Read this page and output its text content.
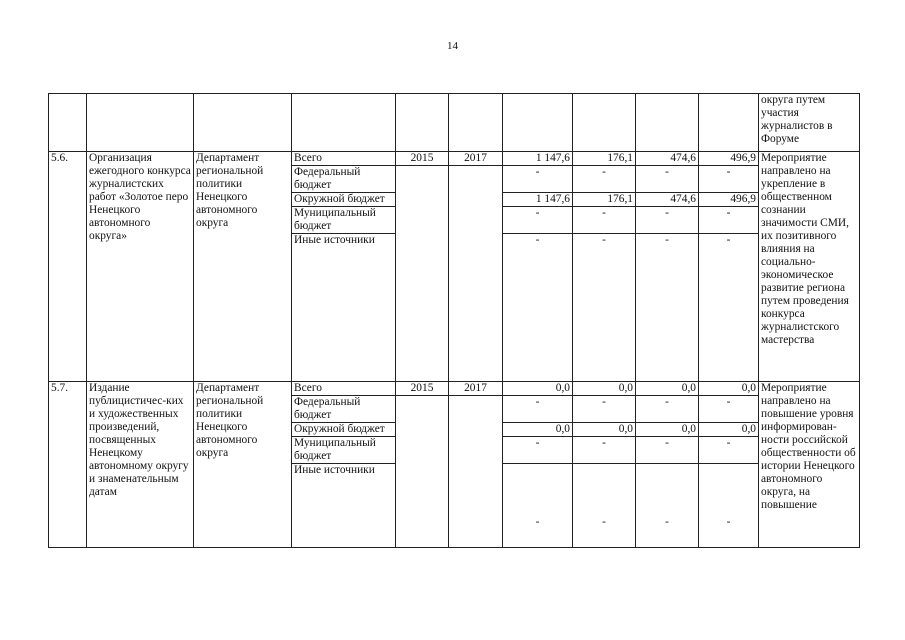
14
										округа путем участия журналистов в Форуме
5.6.	Организация ежегодного конкурса журналистских работ «Золотое перо Ненецкого автономного округа»	Департамент региональной политики Ненецкого автономного округа	Всего	2015	2017	1 147,6	176,1	474,6	496,9	Мероприятие направлено на укрепление в общественном сознании значимости СМИ, их позитивного влияния на социально-экономическое развитие региона путем проведения конкурса журналистского мастерства
			Федеральный бюджет			-	-	-	-	
			Окружной бюджет			1 147,6	176,1	474,6	496,9	
			Муниципальный бюджет			-	-	-	-	
			Иные источники			-	-	-	-	
5.7.	Издание публицистичес-ких и художественных произведений, посвященных Ненецкому автономному округу и знаменательным датам	Департамент региональной политики Ненецкого автономного округа	Всего	2015	2017	0,0	0,0	0,0	0,0	Мероприятие направлено на повышение уровня информирован-ности российской общественности об истории Ненецкого автономного округа, на повышение
			Федеральный бюджет			-	-	-	-	
			Окружной бюджет			0,0	0,0	0,0	0,0	
			Муниципальный бюджет			-	-	-	-	
			Иные источники			-	-	-	-	
